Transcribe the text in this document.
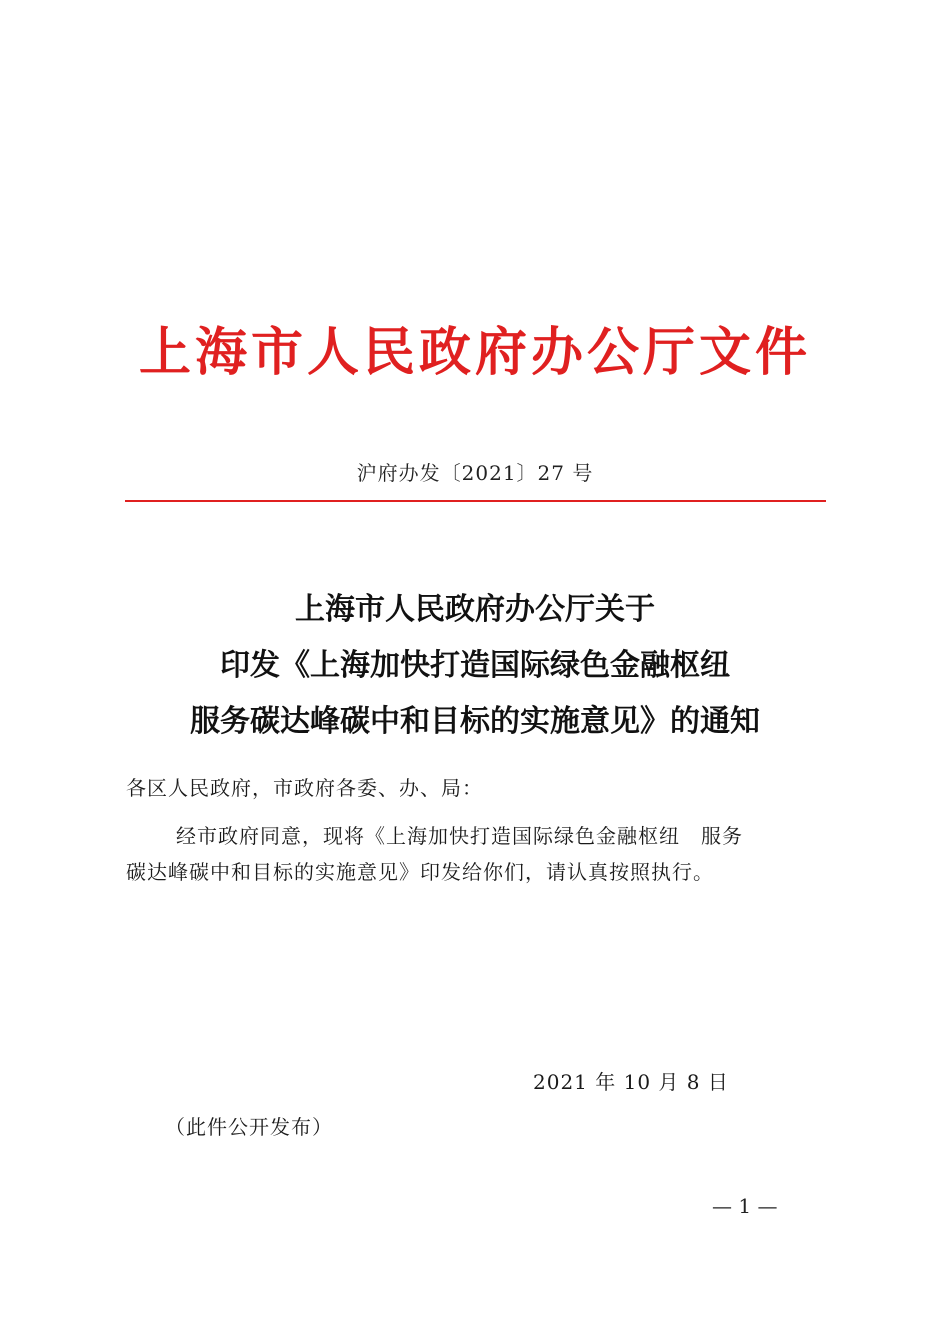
上海市人民政府办公厅文件
沪府办发〔2021〕27 号
上海市人民政府办公厅关于
印发《上海加快打造国际绿色金融枢纽
服务碳达峰碳中和目标的实施意见》的通知
各区人民政府，市政府各委、办、局：
经市政府同意，现将《上海加快打造国际绿色金融枢纽　服务
碳达峰碳中和目标的实施意见》印发给你们，请认真按照执行。
2021 年 10 月 8 日
（此件公开发布）
— 1 —
